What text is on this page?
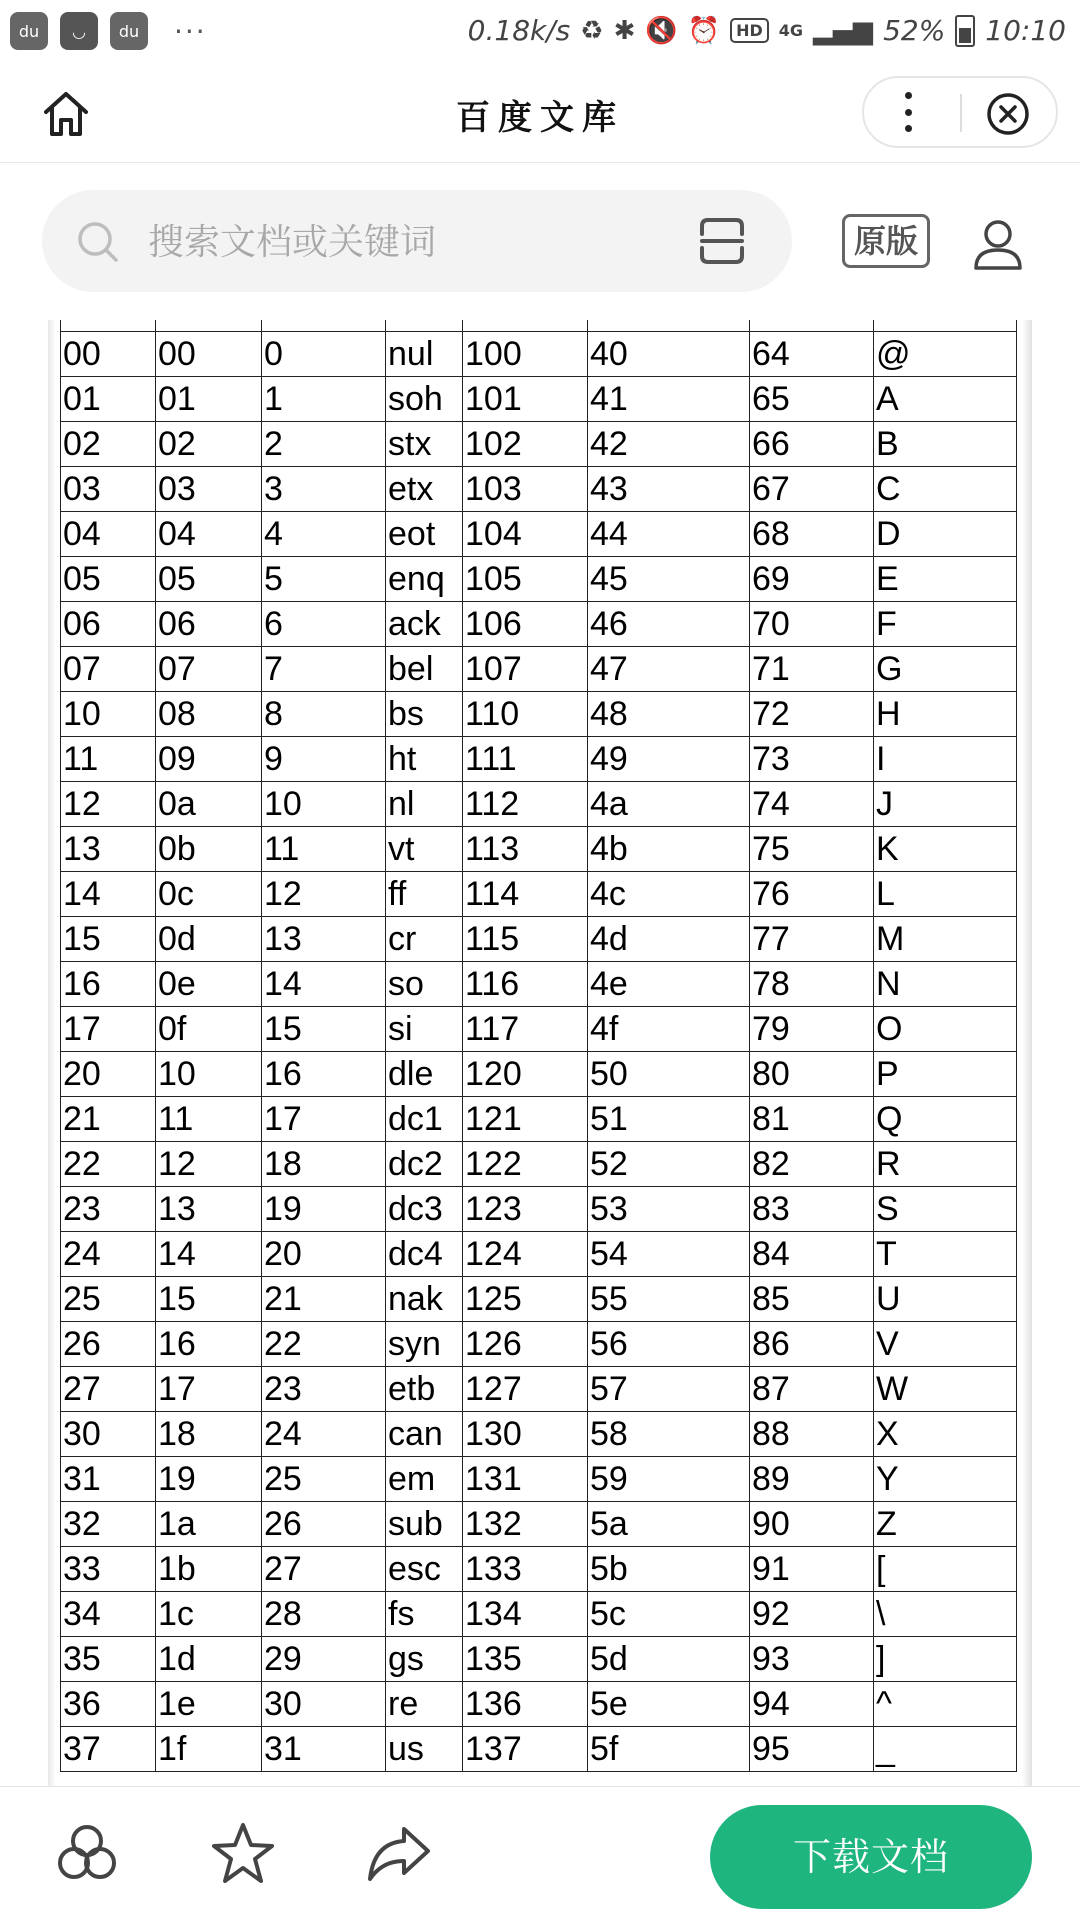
du	◡	du	···	0.18k/s ♻ ✱ 🔇 ⏰	HD	4G ▂▄▆ 52% 10:10
百度文库
搜索文档或关键词
原版

00	00	0	nul	100	40	64	@
01	01	1	soh	101	41	65	A
02	02	2	stx	102	42	66	B
03	03	3	etx	103	43	67	C
04	04	4	eot	104	44	68	D
05	05	5	enq	105	45	69	E
06	06	6	ack	106	46	70	F
07	07	7	bel	107	47	71	G
10	08	8	bs	110	48	72	H
11	09	9	ht	111	49	73	I
12	0a	10	nl	112	4a	74	J
13	0b	11	vt	113	4b	75	K
14	0c	12	ff	114	4c	76	L
15	0d	13	cr	115	4d	77	M
16	0e	14	so	116	4e	78	N
17	0f	15	si	117	4f	79	O
20	10	16	dle	120	50	80	P
21	11	17	dc1	121	51	81	Q
22	12	18	dc2	122	52	82	R
23	13	19	dc3	123	53	83	S
24	14	20	dc4	124	54	84	T
25	15	21	nak	125	55	85	U
26	16	22	syn	126	56	86	V
27	17	23	etb	127	57	87	W
30	18	24	can	130	58	88	X
31	19	25	em	131	59	89	Y
32	1a	26	sub	132	5a	90	Z
33	1b	27	esc	133	5b	91	[
34	1c	28	fs	134	5c	92	\
35	1d	29	gs	135	5d	93	]
36	1e	30	re	136	5e	94	^
37	1f	31	us	137	5f	95	_
下载文档
